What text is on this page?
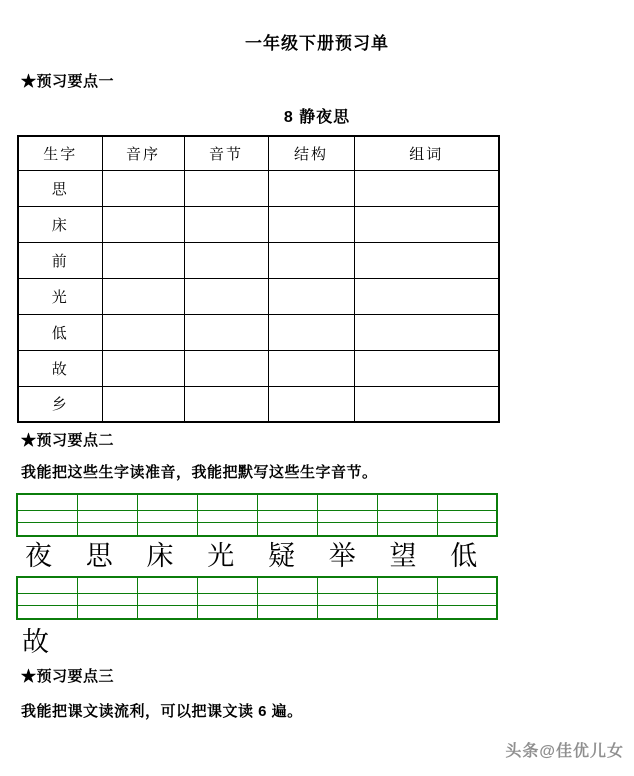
一年级下册预习单
★预习要点一
8 静夜思
生字	音序	音节	结构	组词
思				
床				
前				
光				
低				
故				
乡				
★预习要点二
我能把这些生字读准音，我能把默写这些生字音节。

夜	思	床	光	疑	举	望	低

故
★预习要点三
我能把课文读流利，可以把课文读 6 遍。
头条@佳优儿女
